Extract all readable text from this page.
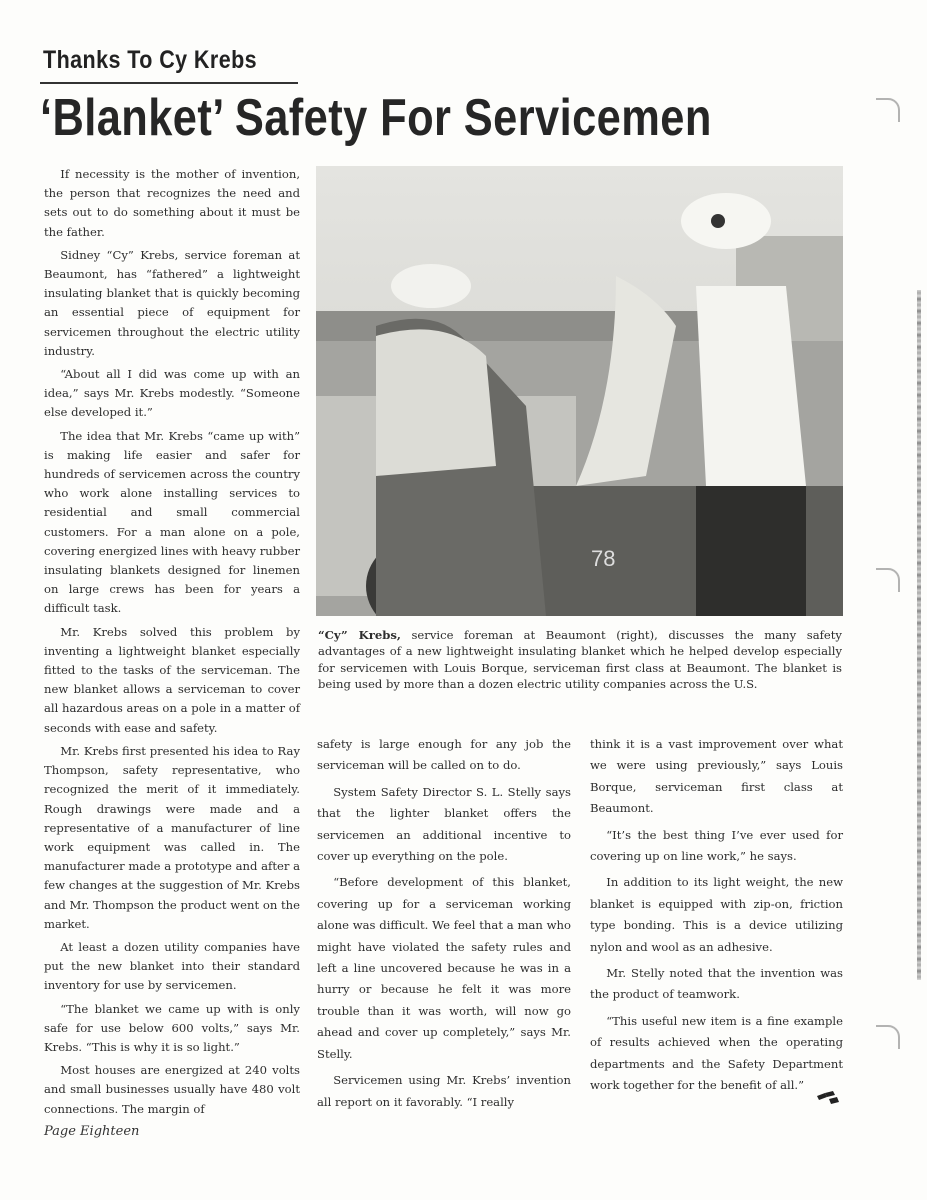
Thanks To Cy Krebs
‘Blanket’ Safety For Servicemen

If necessity is the mother of invention, the person that recognizes the need and sets out to do something about it must be the father.

Sidney “Cy” Krebs, service foreman at Beaumont, has “fathered” a lightweight insulating blanket that is quickly becoming an essential piece of equipment for servicemen throughout the electric utility industry.

“About all I did was come up with an idea,” says Mr. Krebs modestly. “Someone else developed it.”

The idea that Mr. Krebs “came up with” is making life easier and safer for hundreds of servicemen across the country who work alone installing services to residential and small commercial customers. For a man alone on a pole, covering energized lines with heavy rubber insulating blankets designed for linemen on large crews has been for years a difficult task.

Mr. Krebs solved this problem by inventing a lightweight blanket especially fitted to the tasks of the serviceman. The new blanket allows a serviceman to cover all hazardous areas on a pole in a matter of seconds with ease and safety.

Mr. Krebs first presented his idea to Ray Thompson, safety representative, who recognized the merit of it immediately. Rough drawings were made and a representative of a manufacturer of line work equipment was called in. The manufacturer made a prototype and after a few changes at the suggestion of Mr. Krebs and Mr. Thompson the product went on the market.

At least a dozen utility companies have put the new blanket into their standard inventory for use by servicemen.

“The blanket we came up with is only safe for use below 600 volts,” says Mr. Krebs. “This is why it is so light.”

Most houses are energized at 240 volts and small businesses usually have 480 volt connections. The margin of

78
“Cy” Krebs, service foreman at Beaumont (right), discusses the many safety advantages of a new lightweight insulating blanket which he helped develop especially for servicemen with Louis Borque, serviceman first class at Beaumont. The blanket is being used by more than a dozen electric utility companies across the U.S.

safety is large enough for any job the serviceman will be called on to do.

System Safety Director S. L. Stelly says that the lighter blanket offers the servicemen an additional incentive to cover up everything on the pole.

“Before development of this blanket, covering up for a serviceman working alone was difficult. We feel that a man who might have violated the safety rules and left a line uncovered because he was in a hurry or because he felt it was more trouble than it was worth, will now go ahead and cover up completely,” says Mr. Stelly.

Servicemen using Mr. Krebs’ invention all report on it favorably. “I really

think it is a vast improvement over what we were using previously,” says Louis Borque, serviceman first class at Beaumont.

“It’s the best thing I’ve ever used for covering up on line work,” he says.

In addition to its light weight, the new blanket is equipped with zip-on, friction type bonding. This is a device utilizing nylon and wool as an adhesive.

Mr. Stelly noted that the invention was the product of teamwork.

“This useful new item is a fine example of results achieved when the operating departments and the Safety Department work together for the benefit of all.”

Page Eighteen
